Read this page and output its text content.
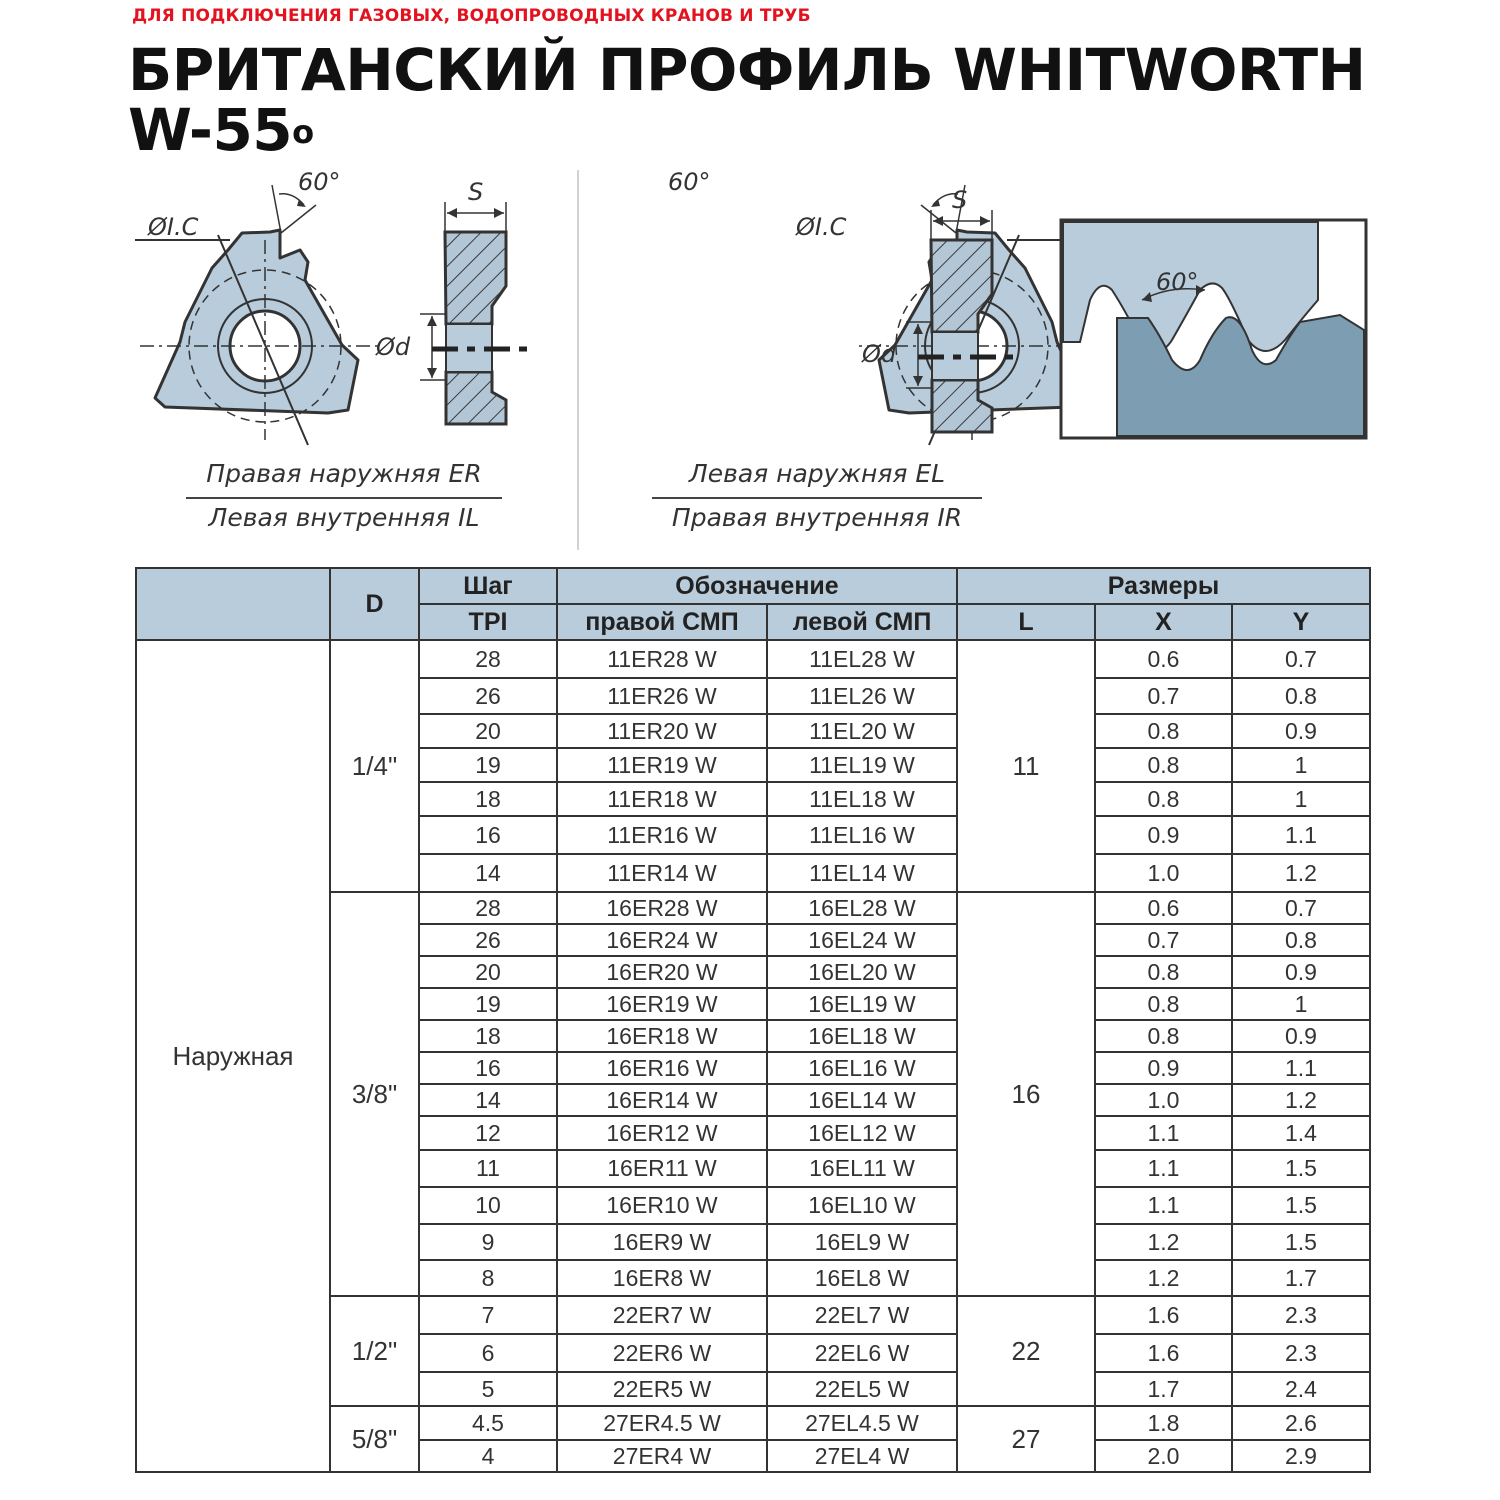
ДЛЯ ПОДКЛЮЧЕНИЯ ГАЗОВЫХ, ВОДОПРОВОДНЫХ КРАНОВ И ТРУБ
БРИТАНСКИЙ ПРОФИЛЬ WHITWORTH
W-55$^o$
60°
ØI.C
S
Ød
60°
ØI.C
S
Ød
60°
Правая наружняя ER
Левая внутренняя IL
Левая наружняя EL
Правая внутренняя IR
	D	Шаг	Обозначение		Размеры		
		TPI	правой СМП	левой СМП	L	X	Y
Наружная	1/4"	28	11ER28 W	11EL28 W	11	0.6	0.7
		26	11ER26 W	11EL26 W		0.7	0.8
		20	11ER20 W	11EL20 W		0.8	0.9
		19	11ER19 W	11EL19 W		0.8	1
		18	11ER18 W	11EL18 W		0.8	1
		16	11ER16 W	11EL16 W		0.9	1.1
		14	11ER14 W	11EL14 W		1.0	1.2
	3/8"	28	16ER28 W	16EL28 W	16	0.6	0.7
		26	16ER24 W	16EL24 W		0.7	0.8
		20	16ER20 W	16EL20 W		0.8	0.9
		19	16ER19 W	16EL19 W		0.8	1
		18	16ER18 W	16EL18 W		0.8	0.9
		16	16ER16 W	16EL16 W		0.9	1.1
		14	16ER14 W	16EL14 W		1.0	1.2
		12	16ER12 W	16EL12 W		1.1	1.4
		11	16ER11 W	16EL11 W		1.1	1.5
		10	16ER10 W	16EL10 W		1.1	1.5
		9	16ER9 W	16EL9 W		1.2	1.5
		8	16ER8 W	16EL8 W		1.2	1.7
	1/2"	7	22ER7 W	22EL7 W	22	1.6	2.3
		6	22ER6 W	22EL6 W		1.6	2.3
		5	22ER5 W	22EL5 W		1.7	2.4
	5/8"	4.5	27ER4.5 W	27EL4.5 W	27	1.8	2.6
		4	27ER4 W	27EL4 W		2.0	2.9
